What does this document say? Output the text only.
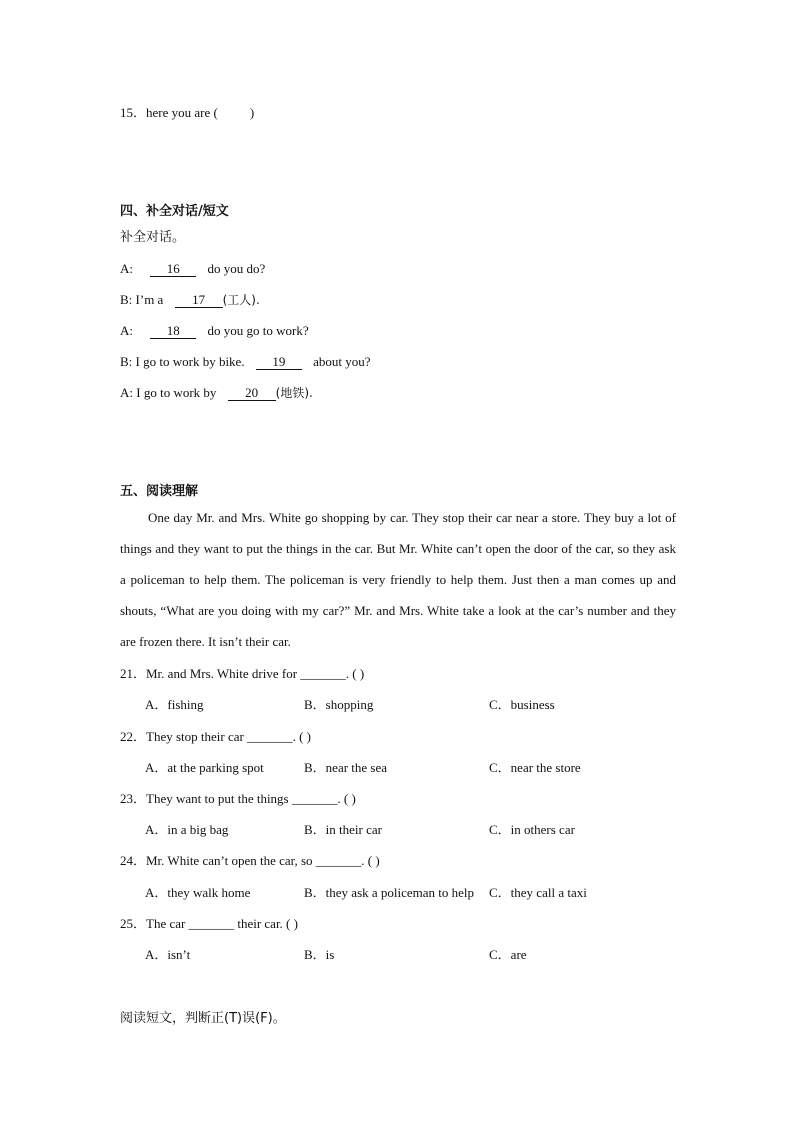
15．here you are ( )
四、补全对话/短文
补全对话。
A:	16 do you do?
B: I’m a 17 (工人).
A:	18 do you go to work?
B: I go to work by bike. 19 about you?
A: I go to work by 20 (地铁).
五、阅读理解
One day Mr. and Mrs. White go shopping by car. They stop their car near a store. They buy a lot of things and they want to put the things in the car. But Mr. White can’t open the door of the car, so they ask a policeman to help them. The policeman is very friendly to help them. Just then a man comes up and shouts, “What are you doing with my car?” Mr. and Mrs. White take a look at the car’s number and they are frozen there. It isn’t their car.
21．Mr. and Mrs. White drive for _______. ( )
A．fishing	B．shopping	C．business
22．They stop their car _______. ( )
A．at the parking spot	B．near the sea	C．near the store
23．They want to put the things _______. ( )
A．in a big bag	B．in their car	C．in others car
24．Mr. White can’t open the car, so _______. ( )
A．they walk home	B．they ask a policeman to help C．they call a taxi
25．The car _______ their car. ( )
A．isn’t	B．is	C．are
阅读短文，判断正(T)误(F)。
